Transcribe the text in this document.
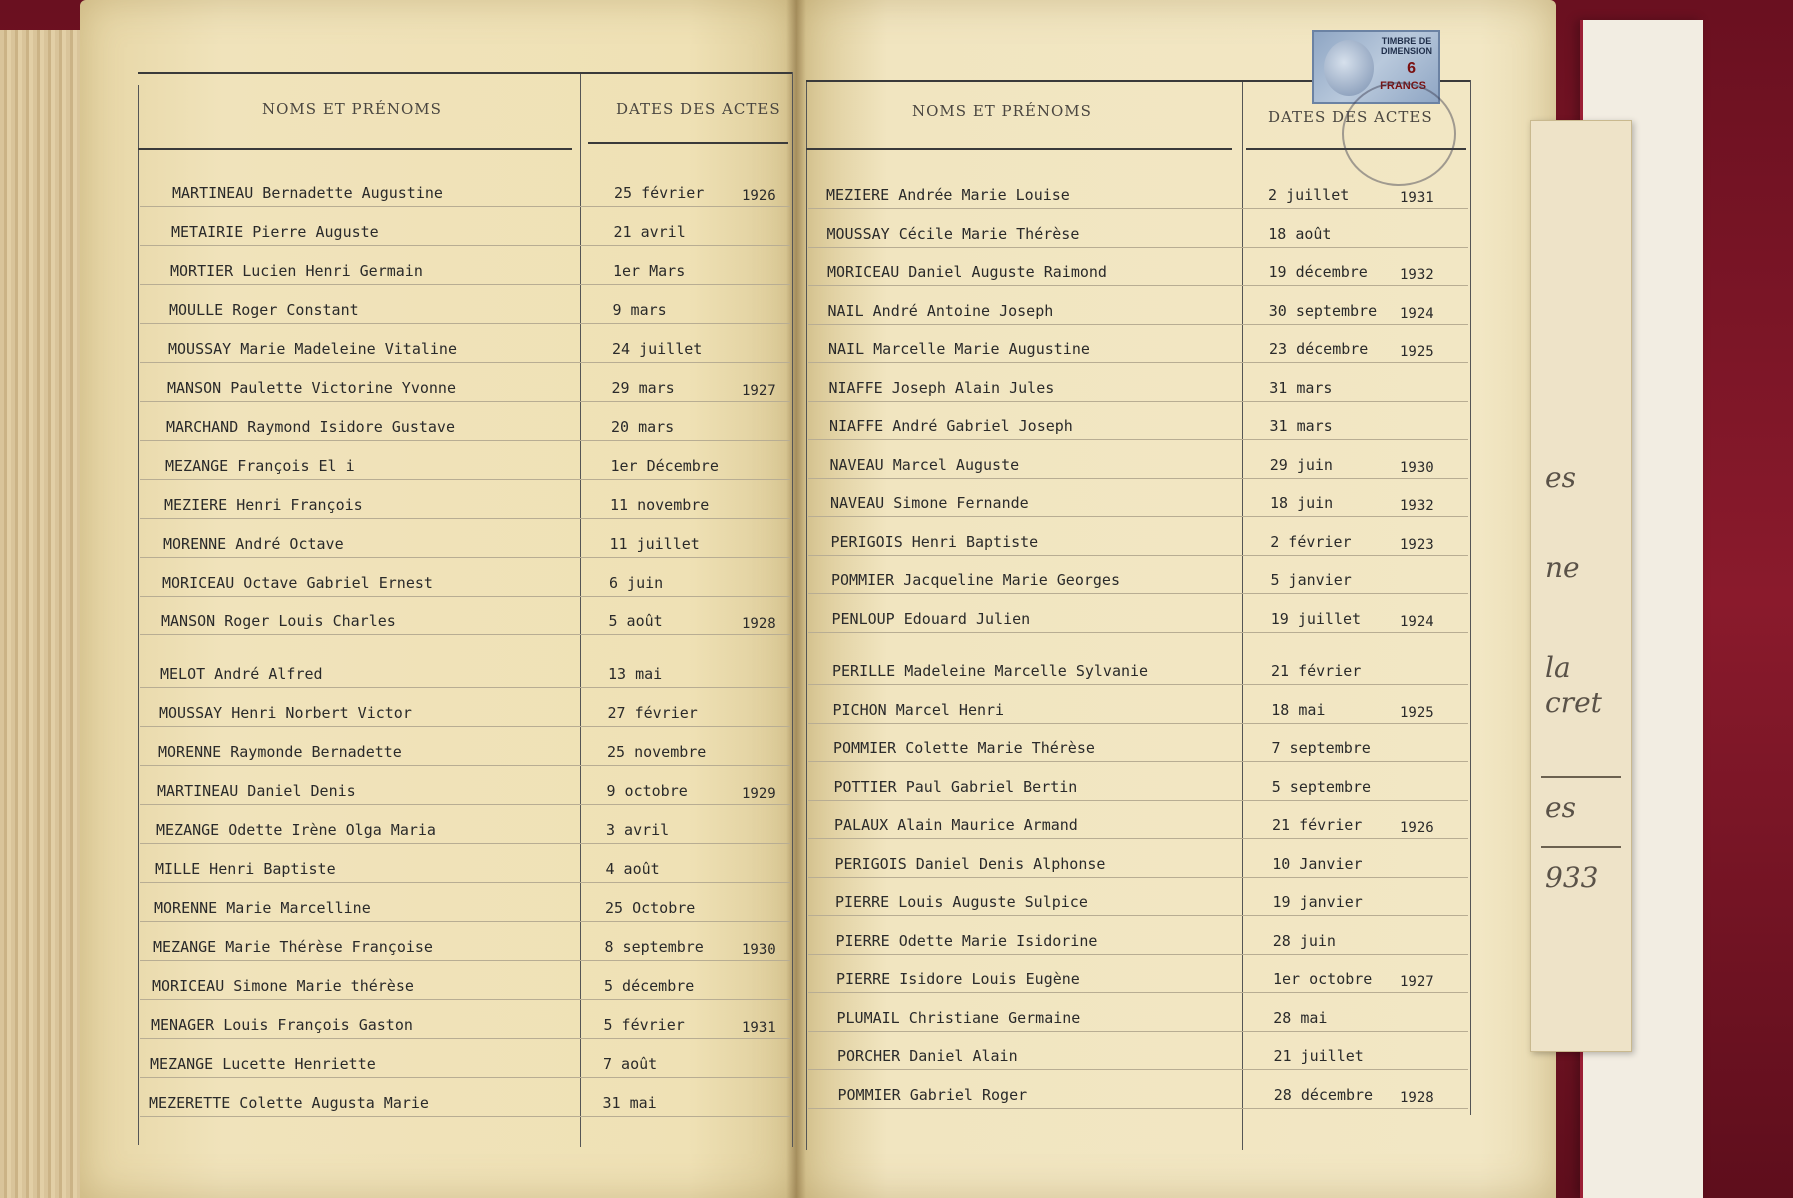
es
ne
la
cret
es
933
NOMS ET PRÉNOMS	DATES DES ACTES
MARTINEAU Bernadette Augustine	25 février	1926
METAIRIE Pierre Auguste	21 avril
MORTIER Lucien Henri Germain	1er Mars
MOULLE Roger Constant	9 mars
MOUSSAY Marie Madeleine Vitaline	24 juillet
MANSON Paulette Victorine Yvonne	29 mars	1927
MARCHAND Raymond Isidore Gustave	20 mars
MEZANGE François El i	1er Décembre
MEZIERE Henri François	11 novembre
MORENNE André Octave	11 juillet
MORICEAU Octave Gabriel Ernest	6 juin
MANSON Roger Louis Charles	5 août	1928
MELOT André Alfred	13 mai
MOUSSAY Henri Norbert Victor	27 février
MORENNE Raymonde Bernadette	25 novembre
MARTINEAU Daniel Denis	9 octobre	1929
MEZANGE Odette Irène Olga Maria	3 avril
MILLE Henri Baptiste	4 août
MORENNE Marie Marcelline	25 Octobre
MEZANGE Marie Thérèse Françoise	8 septembre	1930
MORICEAU Simone Marie thérèse	5 décembre
MENAGER Louis François Gaston	5 février	1931
MEZANGE Lucette Henriette	7 août
MEZERETTE Colette Augusta Marie	31 mai
NOMS ET PRÉNOMS	DATES DES ACTES
MEZIERE Andrée Marie Louise	2 juillet	1931
MOUSSAY Cécile Marie Thérèse	18 août
MORICEAU Daniel Auguste Raimond	19 décembre 1932
NAIL André Antoine Joseph	30 septembre 1924
NAIL Marcelle Marie Augustine	23 décembre 1925
NIAFFE Joseph Alain Jules	31 mars
NIAFFE André Gabriel Joseph	31 mars
NAVEAU Marcel Auguste	29 juin	1930
NAVEAU Simone Fernande	18 juin	1932
PERIGOIS Henri Baptiste	2 février	1923
POMMIER Jacqueline Marie Georges	5 janvier
PENLOUP Edouard Julien	19 juillet	1924
PERILLE Madeleine Marcelle Sylvanie	21 février
PICHON Marcel Henri	18 mai	1925
POMMIER Colette Marie Thérèse	7 septembre
POTTIER Paul Gabriel Bertin	5 septembre
PALAUX Alain Maurice Armand	21 février	1926
PERIGOIS Daniel Denis Alphonse	10 Janvier
PIERRE Louis Auguste Sulpice	19 janvier
PIERRE Odette Marie Isidorine	28 juin
PIERRE Isidore Louis Eugène	1er octobre 1927
PLUMAIL Christiane Germaine	28 mai
PORCHER Daniel Alain	21 juillet
POMMIER Gabriel Roger	28 décembre 1928
TIMBRE DE
DIMENSION
6
FRANCS
